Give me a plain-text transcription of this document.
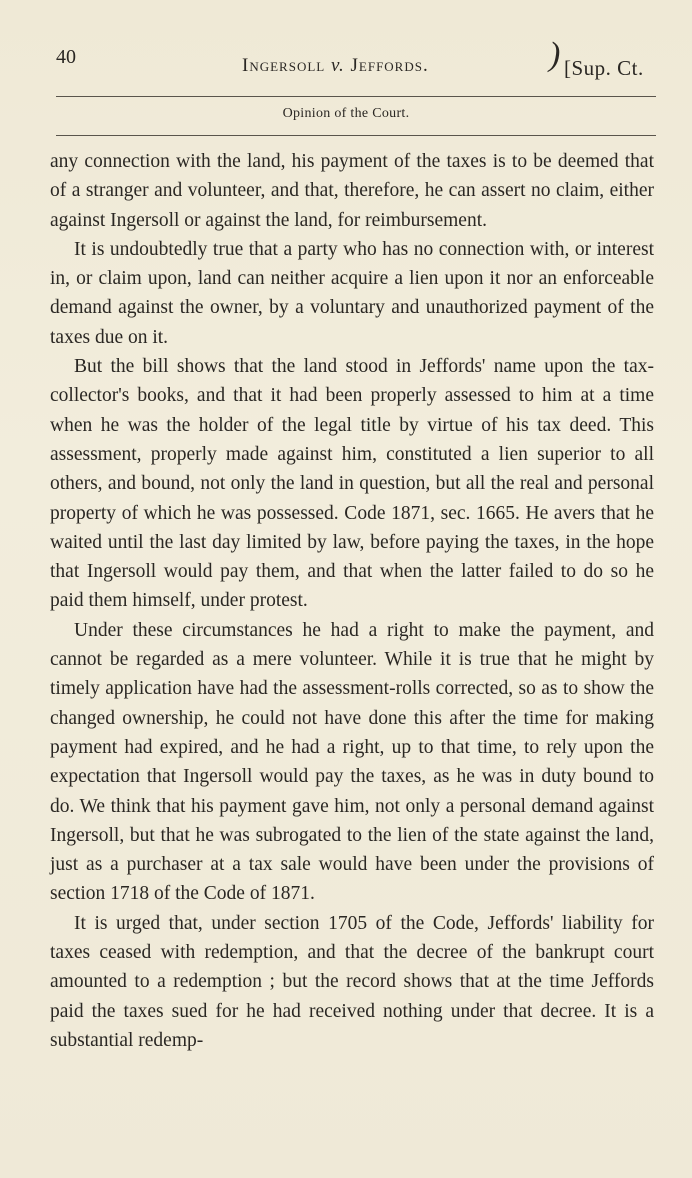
40	Ingersoll v. Jeffords.	) [Sup. Ct.
Opinion of the Court.

any connection with the land, his payment of the taxes is to be deemed that of a stranger and volunteer, and that, therefore, he can assert no claim, either against Ingersoll or against the land, for reimbursement.

It is undoubtedly true that a party who has no connection with, or interest in, or claim upon, land can neither acquire a lien upon it nor an enforceable demand against the owner, by a voluntary and unauthorized payment of the taxes due on it.

But the bill shows that the land stood in Jeffords' name upon the tax-collector's books, and that it had been properly assessed to him at a time when he was the holder of the legal title by virtue of his tax deed. This assessment, properly made against him, constituted a lien superior to all others, and bound, not only the land in question, but all the real and personal property of which he was possessed. Code 1871, sec. 1665. He avers that he waited until the last day limited by law, before paying the taxes, in the hope that Ingersoll would pay them, and that when the latter failed to do so he paid them himself, under protest.

Under these circumstances he had a right to make the payment, and cannot be regarded as a mere volunteer. While it is true that he might by timely application have had the assessment-rolls corrected, so as to show the changed ownership, he could not have done this after the time for making payment had expired, and he had a right, up to that time, to rely upon the expectation that Ingersoll would pay the taxes, as he was in duty bound to do. We think that his payment gave him, not only a personal demand against Ingersoll, but that he was subrogated to the lien of the state against the land, just as a purchaser at a tax sale would have been under the provisions of section 1718 of the Code of 1871.

It is urged that, under section 1705 of the Code, Jeffords' liability for taxes ceased with redemption, and that the decree of the bankrupt court amounted to a redemption ; but the record shows that at the time Jeffords paid the taxes sued for he had received nothing under that decree. It is a substantial redemp-
